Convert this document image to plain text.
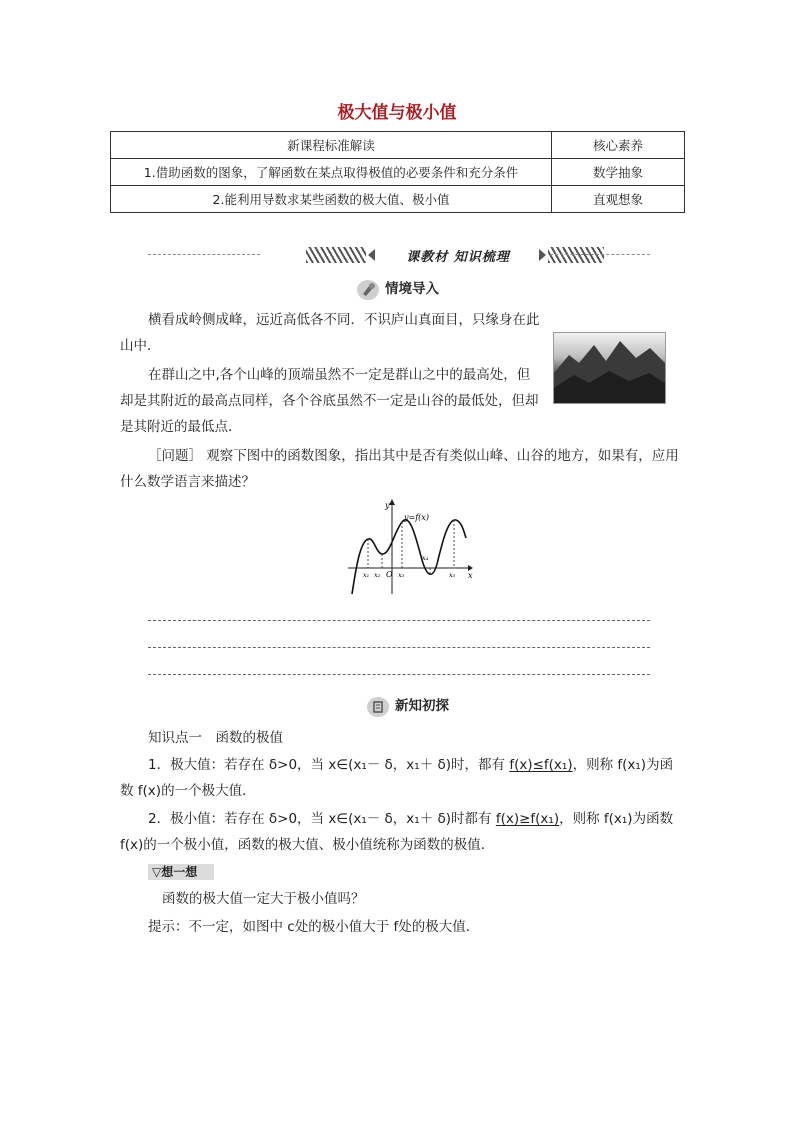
极大值与极小值
新课程标准解读	核心素养
1.借助函数的图象，了解函数在某点取得极值的必要条件和充分条件	数学抽象
2.能利用导数求某些函数的极大值、极小值	直观想象
课教材 知识梳理
情境导入
横看成岭侧成峰，远近高低各不同．不识庐山真面目，只缘身在此山中．
在群山之中,各个山峰的顶端虽然不一定是群山之中的最高处，但却是其附近的最高点同样，各个谷底虽然不一定是山谷的最低处，但却是其附近的最低点．
［问题］ 观察下图中的函数图象，指出其中是否有类似山峰、山谷的地方，如果有，应用什么数学语言来描述？
y
x
y=f(x)
O
x₁ x₂	x₃
x₄
x₅
新知初探
知识点一　函数的极值
1．极大值：若存在 δ>0，当 x∈(x₁－ δ，x₁＋ δ)时，都有 f(x)≤f(x₁)，则称 f(x₁)为函数 f(x)的一个极大值．
2．极小值：若存在 δ>0，当 x∈(x₁－ δ，x₁＋ δ)时都有 f(x)≥f(x₁)，则称 f(x₁)为函数 f(x)的一个极小值，函数的极大值、极小值统称为函数的极值．
▽想一想
函数的极大值一定大于极小值吗？
提示：不一定，如图中 c处的极小值大于 f处的极大值．
